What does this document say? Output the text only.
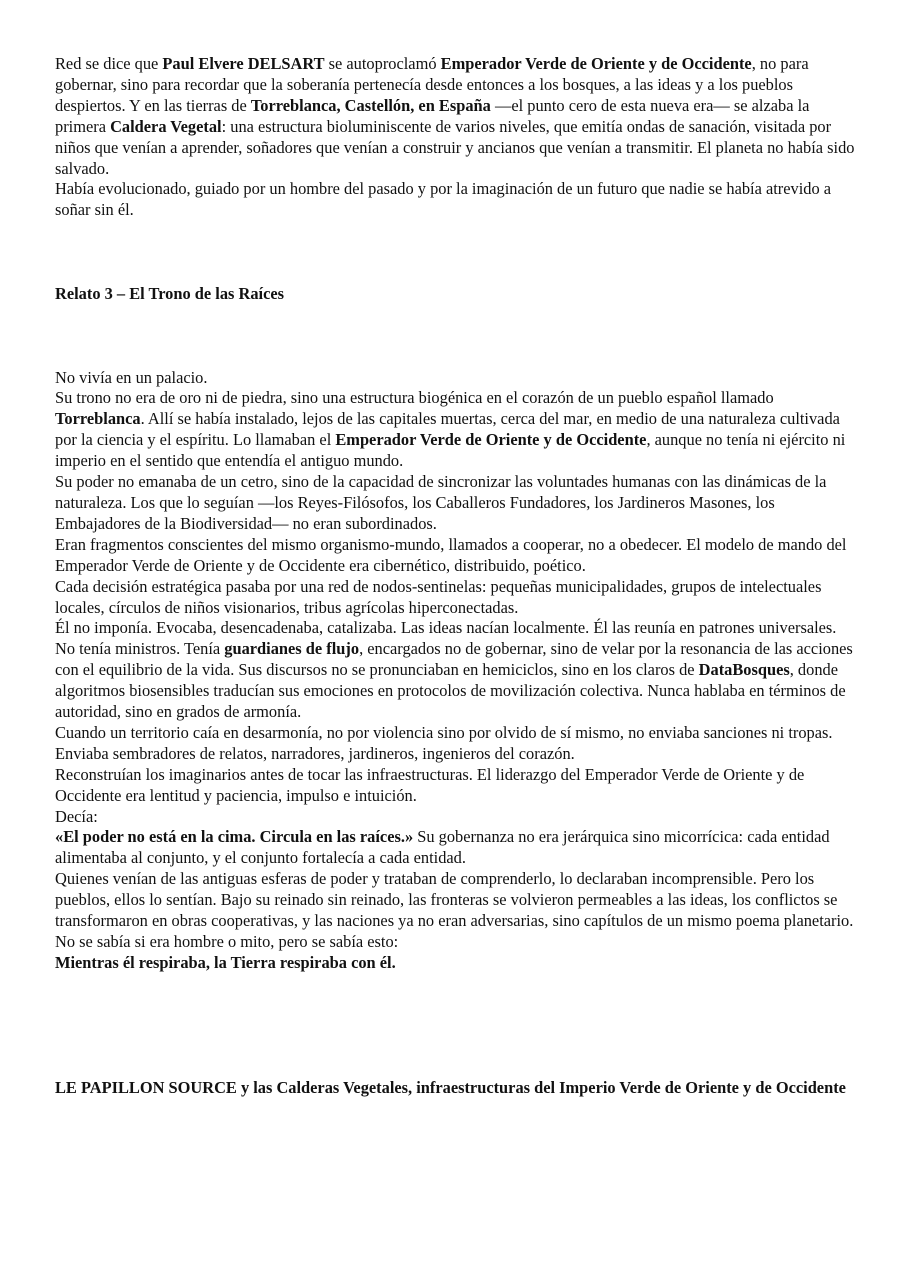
Red se dice que Paul Elvere DELSART se autoproclamó Emperador Verde de Oriente y de Occidente, no para gobernar, sino para recordar que la soberanía pertenecía desde entonces a los bosques, a las ideas y a los pueblos despiertos. Y en las tierras de Torreblanca, Castellón, en España —el punto cero de esta nueva era— se alzaba la primera Caldera Vegetal: una estructura bioluminiscente de varios niveles, que emitía ondas de sanación, visitada por niños que venían a aprender, soñadores que venían a construir y ancianos que venían a transmitir. El planeta no había sido salvado.

Había evolucionado, guiado por un hombre del pasado y por la imaginación de un futuro que nadie se había atrevido a soñar sin él.

Relato 3 – El Trono de las Raíces

No vivía en un palacio.

Su trono no era de oro ni de piedra, sino una estructura biogénica en el corazón de un pueblo español llamado Torreblanca. Allí se había instalado, lejos de las capitales muertas, cerca del mar, en medio de una naturaleza cultivada por la ciencia y el espíritu. Lo llamaban el Emperador Verde de Oriente y de Occidente, aunque no tenía ni ejército ni imperio en el sentido que entendía el antiguo mundo.

Su poder no emanaba de un cetro, sino de la capacidad de sincronizar las voluntades humanas con las dinámicas de la naturaleza. Los que lo seguían —los Reyes-Filósofos, los Caballeros Fundadores, los Jardineros Masones, los Embajadores de la Biodiversidad— no eran subordinados.

Eran fragmentos conscientes del mismo organismo-mundo, llamados a cooperar, no a obedecer. El modelo de mando del Emperador Verde de Oriente y de Occidente era cibernético, distribuido, poético.

Cada decisión estratégica pasaba por una red de nodos-sentinelas: pequeñas municipalidades, grupos de intelectuales locales, círculos de niños visionarios, tribus agrícolas hiperconectadas.

Él no imponía. Evocaba, desencadenaba, catalizaba. Las ideas nacían localmente. Él las reunía en patrones universales.

No tenía ministros. Tenía guardianes de flujo, encargados no de gobernar, sino de velar por la resonancia de las acciones con el equilibrio de la vida. Sus discursos no se pronunciaban en hemiciclos, sino en los claros de DataBosques, donde algoritmos biosensibles traducían sus emociones en protocolos de movilización colectiva. Nunca hablaba en términos de autoridad, sino en grados de armonía.

Cuando un territorio caía en desarmonía, no por violencia sino por olvido de sí mismo, no enviaba sanciones ni tropas.

Enviaba sembradores de relatos, narradores, jardineros, ingenieros del corazón.

Reconstruían los imaginarios antes de tocar las infraestructuras. El liderazgo del Emperador Verde de Oriente y de Occidente era lentitud y paciencia, impulso e intuición.

Decía:

«El poder no está en la cima. Circula en las raíces.» Su gobernanza no era jerárquica sino micorrícica: cada entidad alimentaba al conjunto, y el conjunto fortalecía a cada entidad.

Quienes venían de las antiguas esferas de poder y trataban de comprenderlo, lo declaraban incomprensible. Pero los pueblos, ellos lo sentían. Bajo su reinado sin reinado, las fronteras se volvieron permeables a las ideas, los conflictos se transformaron en obras cooperativas, y las naciones ya no eran adversarias, sino capítulos de un mismo poema planetario. No se sabía si era hombre o mito, pero se sabía esto:

Mientras él respiraba, la Tierra respiraba con él.

LE PAPILLON SOURCE y las Calderas Vegetales, infraestructuras del Imperio Verde de Oriente y de Occidente
